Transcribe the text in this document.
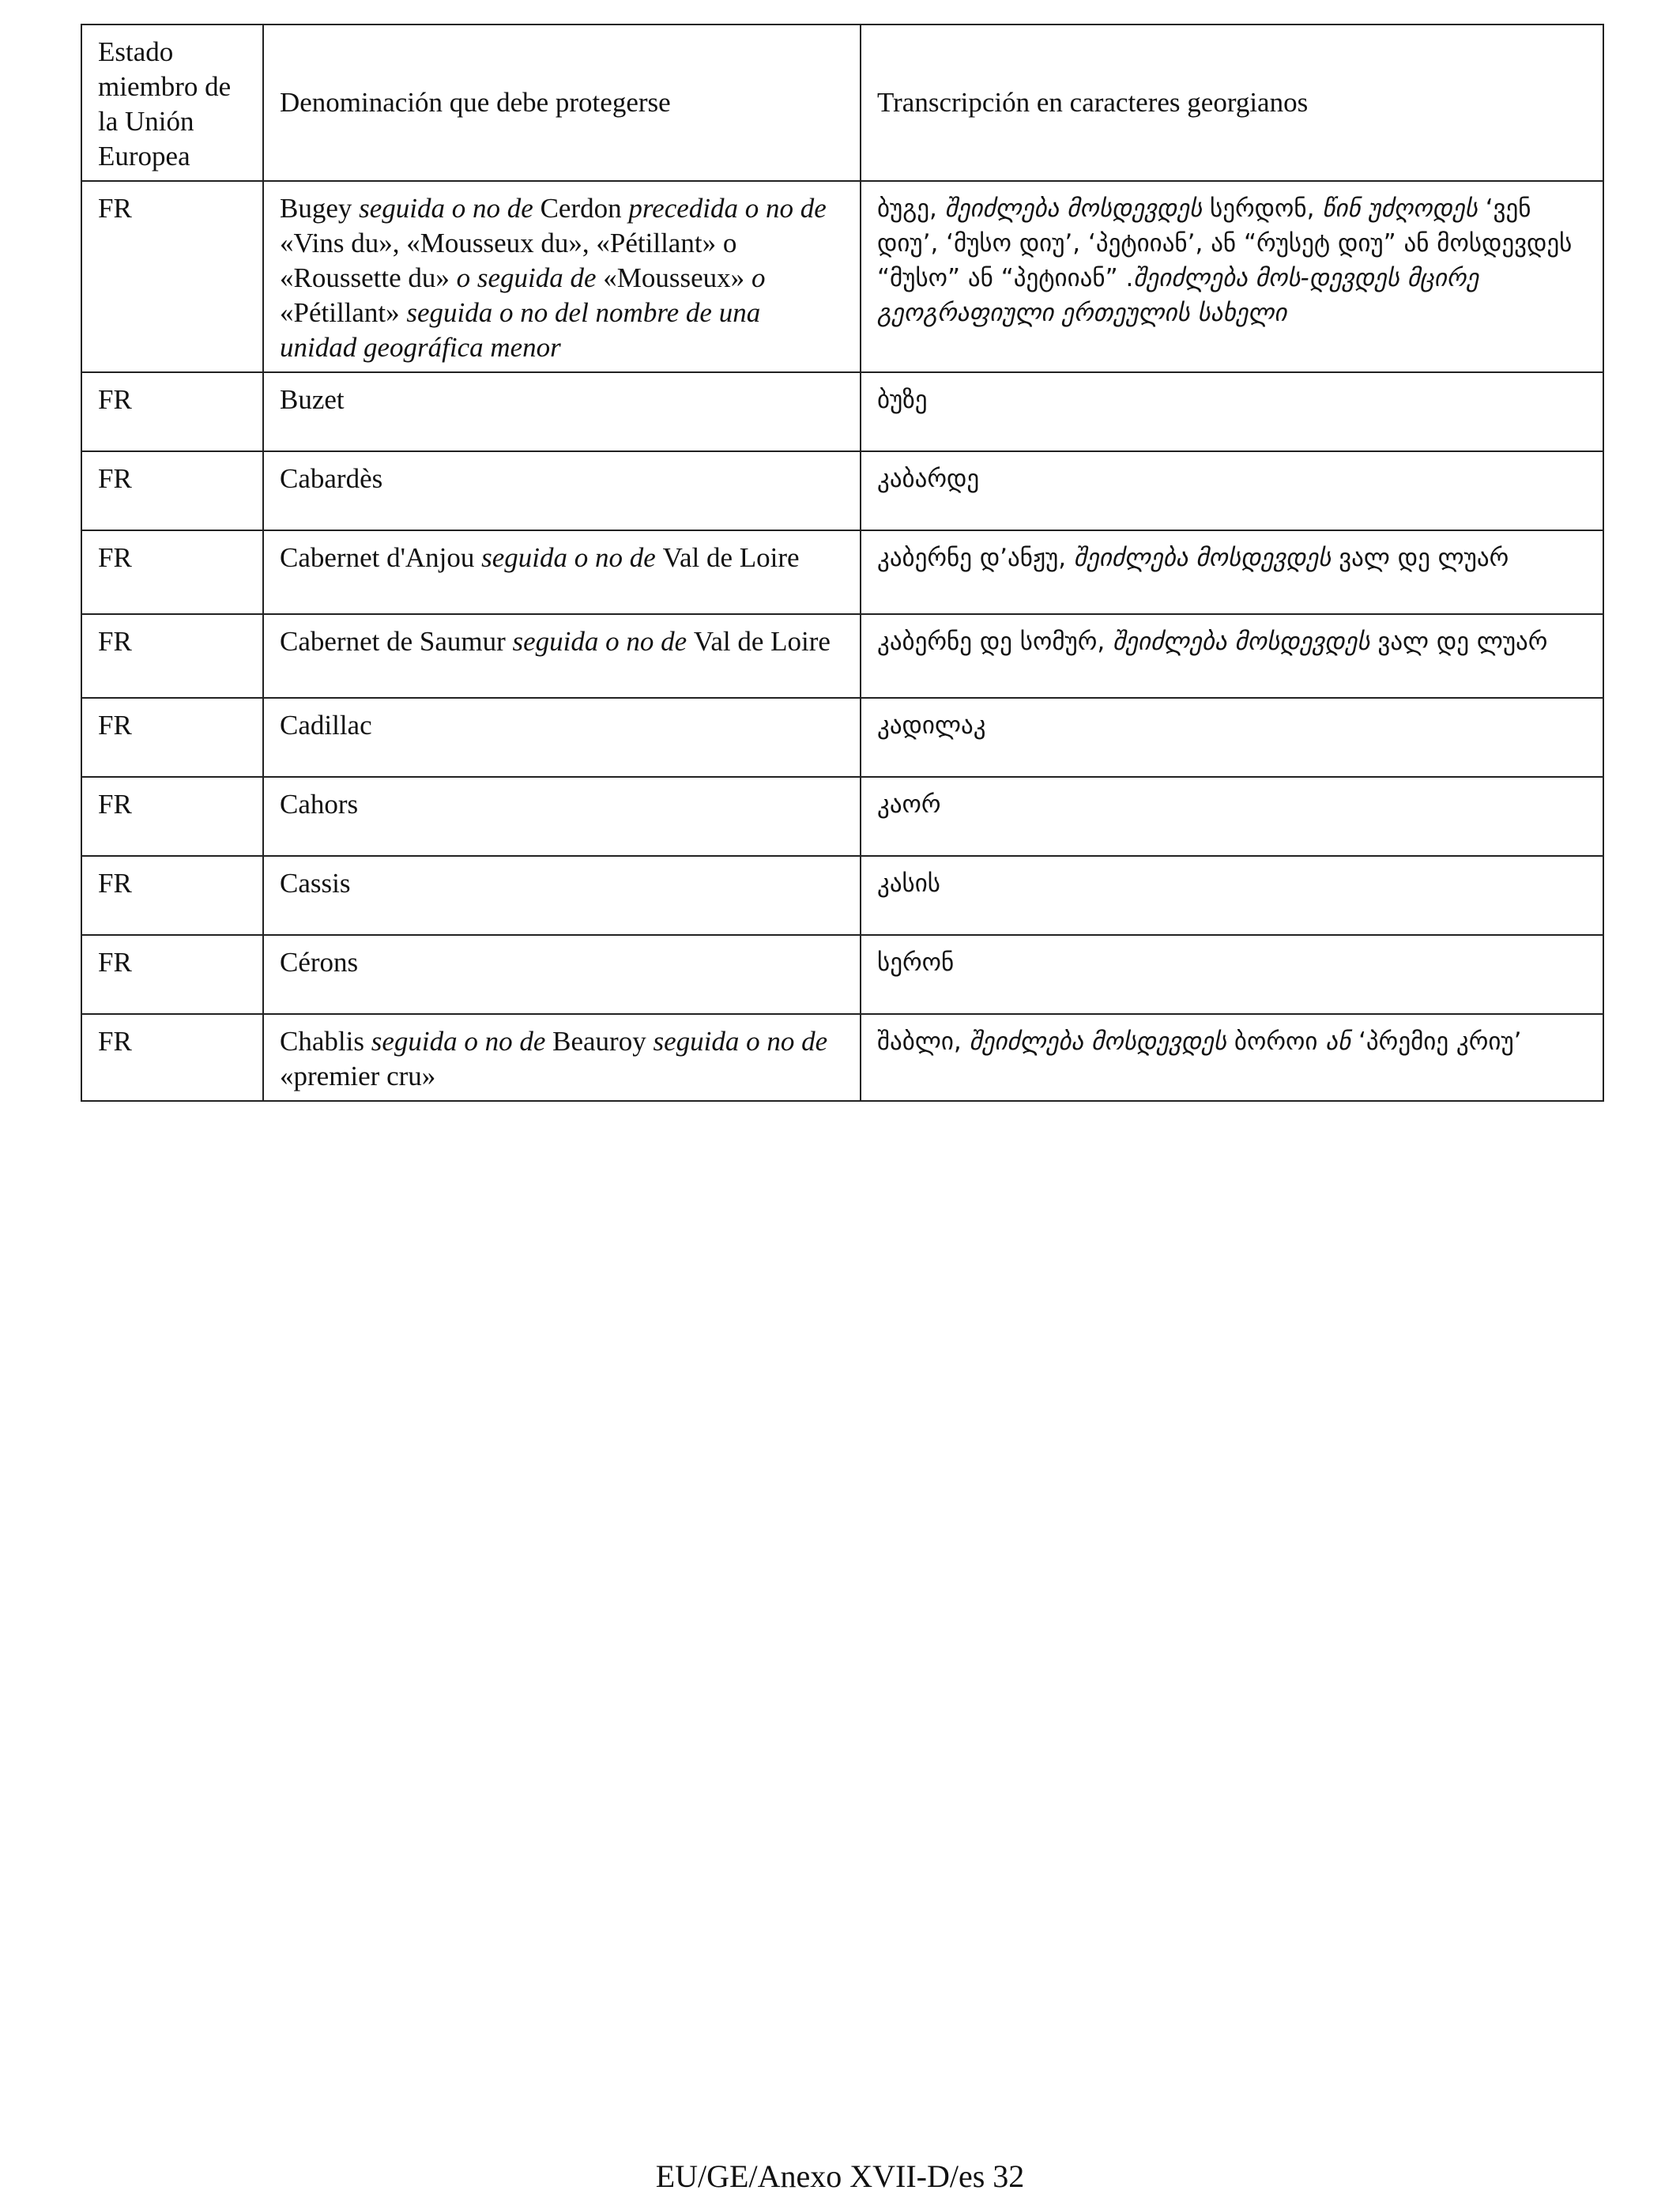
Estado miembro de la Unión Europea	Denominación que debe protegerse	Transcripción en caracteres georgianos
FR	Bugey seguida o no de Cerdon precedida o no de «Vins du», «Mousseux du», «Pétillant» o «Roussette du» o seguida de «Mousseux» o «Pétillant» seguida o no del nombre de una unidad geográfica menor	ბუგე, შეიძლება მოსდევდეს სერდონ, წინ უძღოდეს ‘ვენ დიუ’, ‘მუსო დიუ’, ‘პეტიიან’, ან “რუსეტ დიუ” ან მოსდევდეს “მუსო” ან “პეტიიან” .შეიძლება მოს-დევდეს მცირე გეოგრაფიული ერთეულის სახელი
FR	Buzet	ბუზე
FR	Cabardès	კაბარდე
FR	Cabernet d'Anjou seguida o no de Val de Loire	კაბერნე დ’ანჟუ, შეიძლება მოსდევდეს ვალ დე ლუარ
FR	Cabernet de Saumur seguida o no de Val de Loire	კაბერნე დე სომურ, შეიძლება მოსდევდეს ვალ დე ლუარ
FR	Cadillac	კადილაკ
FR	Cahors	კაორ
FR	Cassis	კასის
FR	Cérons	სერონ
FR	Chablis seguida o no de Beauroy seguida o no de «premier cru»	შაბლი, შეიძლება მოსდევდეს ბოროი ან ‘პრემიე კრიუ’
EU/GE/Anexo XVII-D/es 32
